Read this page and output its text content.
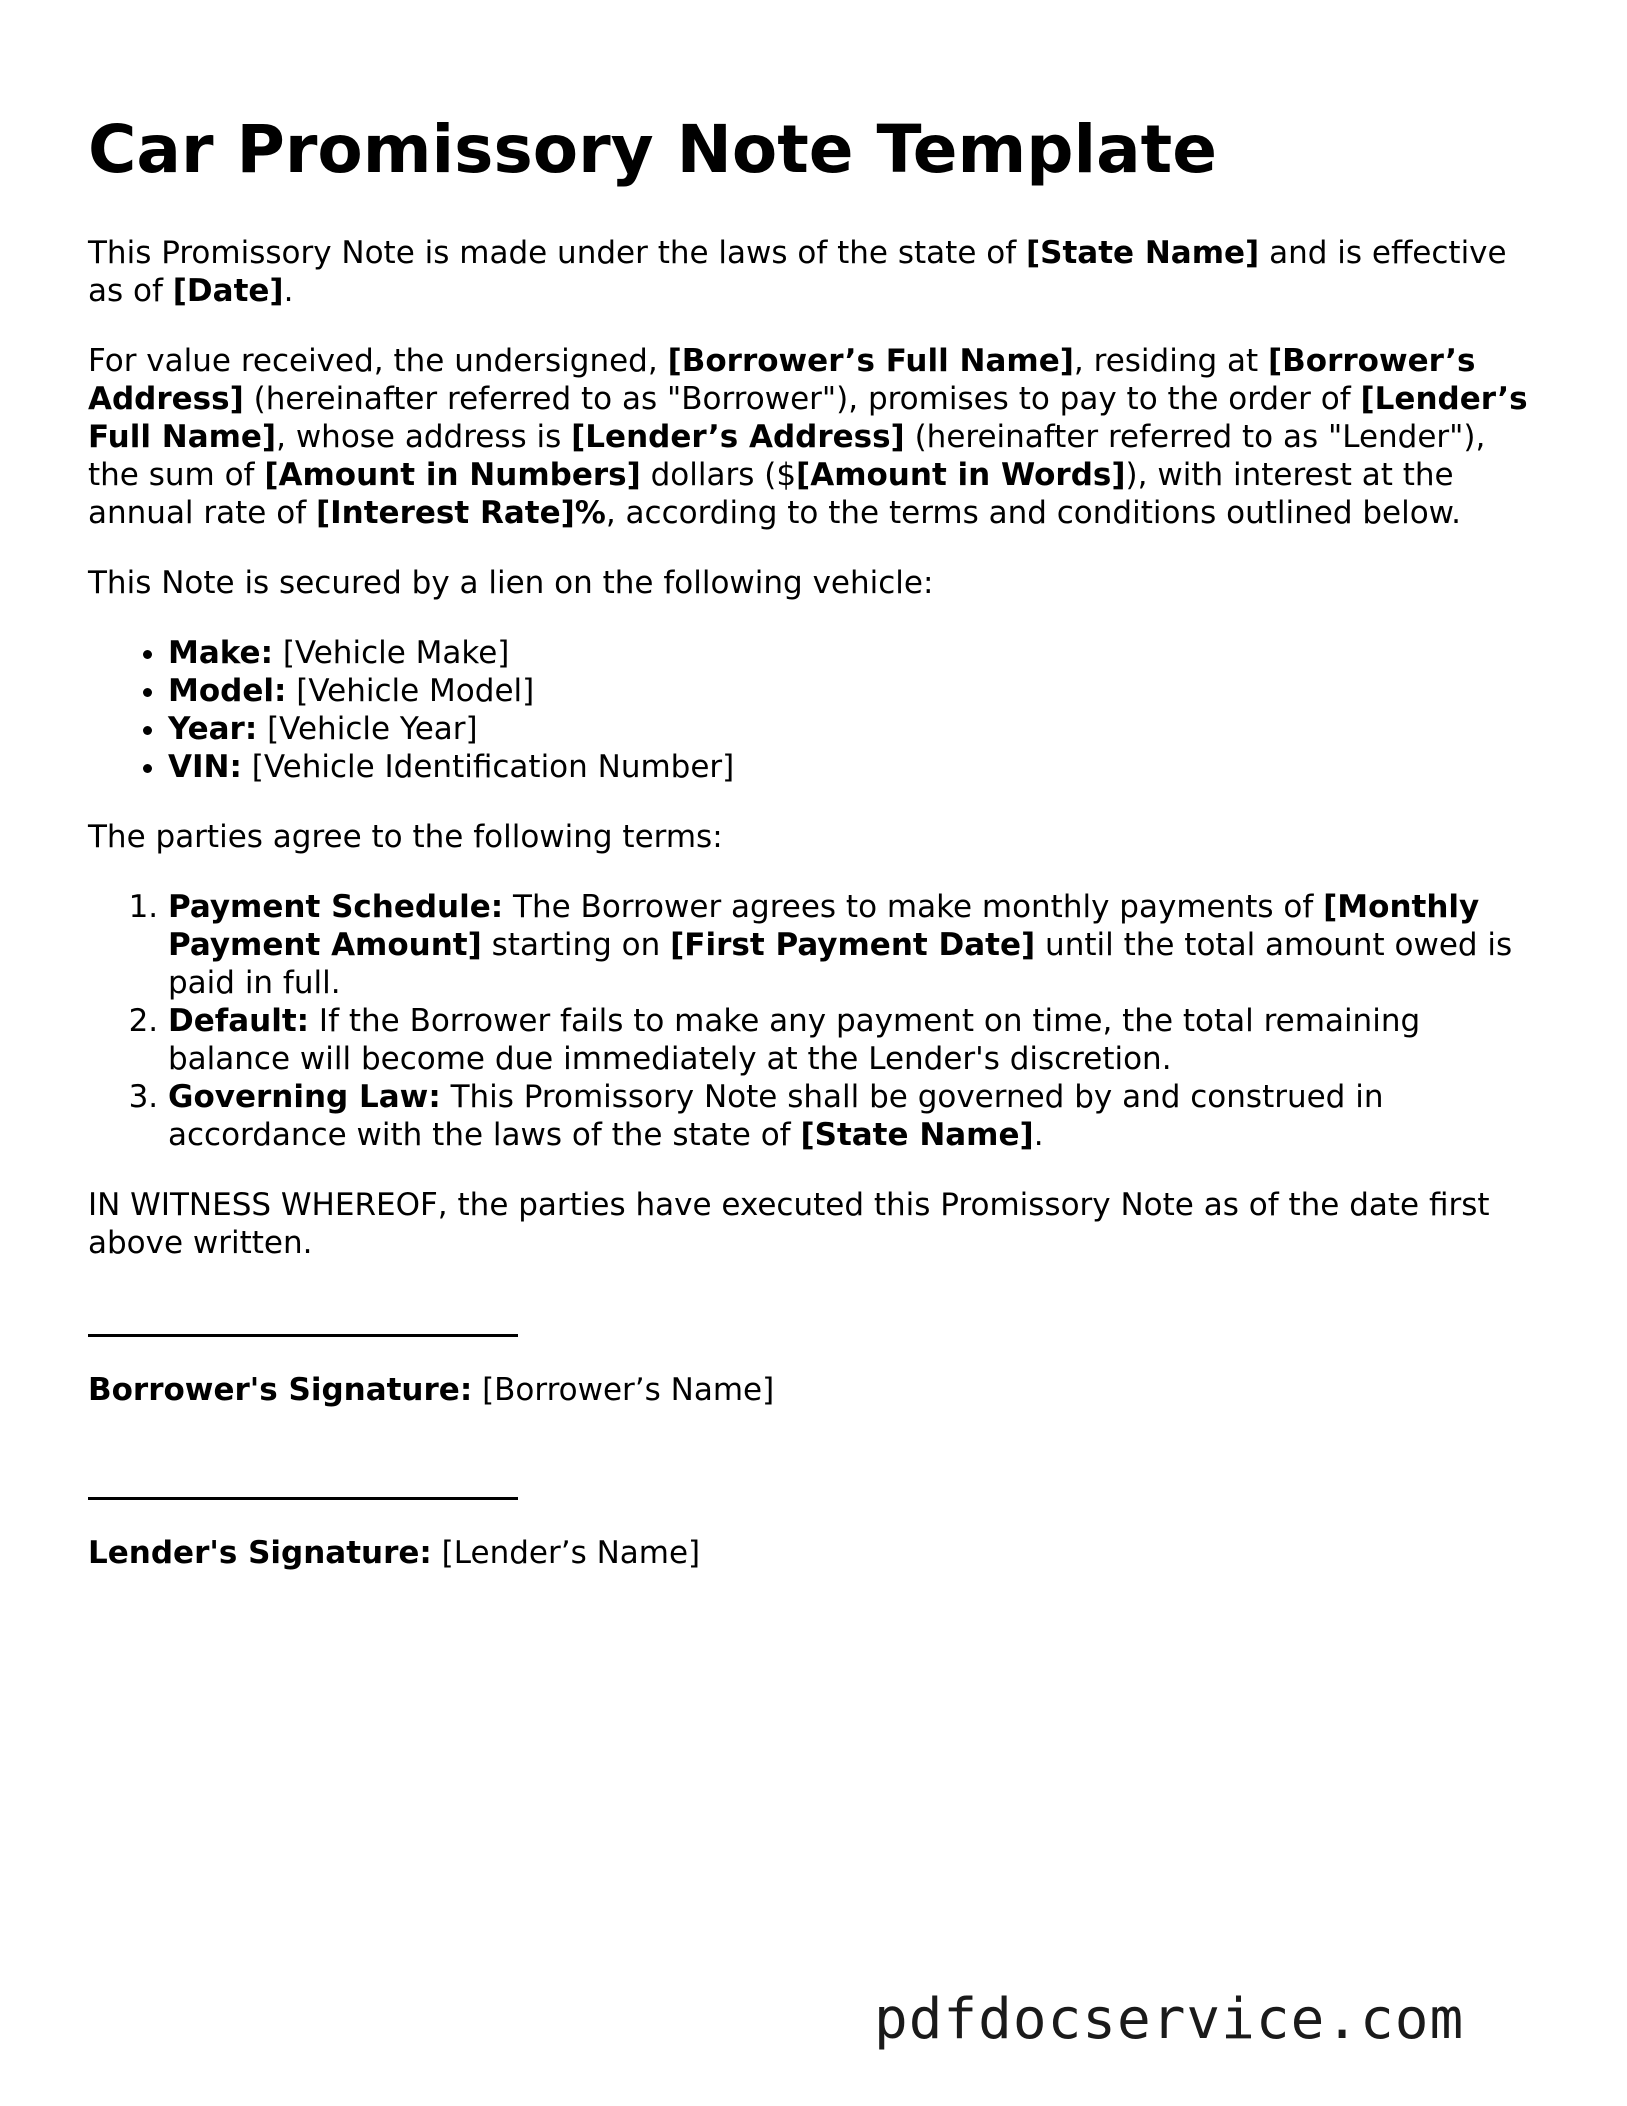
Car Promissory Note Template

This Promissory Note is made under the laws of the state of [State Name] and is effective as of [Date].

For value received, the undersigned, [Borrower’s Full Name], residing at [Borrower’s Address] (hereinafter referred to as "Borrower"), promises to pay to the order of [Lender’s Full Name], whose address is [Lender’s Address] (hereinafter referred to as "Lender"), the sum of [Amount in Numbers] dollars ($[Amount in Words]), with interest at the annual rate of [Interest Rate]%, according to the terms and conditions outlined below.

This Note is secured by a lien on the following vehicle:

• Make: [Vehicle Make]
• Model: [Vehicle Model]
• Year: [Vehicle Year]
• VIN: [Vehicle Identification Number]

The parties agree to the following terms:

1. Payment Schedule: The Borrower agrees to make monthly payments of [Monthly Payment Amount] starting on [First Payment Date] until the total amount owed is paid in full.
2. Default: If the Borrower fails to make any payment on time, the total remaining balance will become due immediately at the Lender's discretion.
3. Governing Law: This Promissory Note shall be governed by and construed in accordance with the laws of the state of [State Name].

IN WITNESS WHEREOF, the parties have executed this Promissory Note as of the date first above written.

Borrower's Signature: [Borrower’s Name]

Lender's Signature: [Lender’s Name]

pdfdocservice.com
